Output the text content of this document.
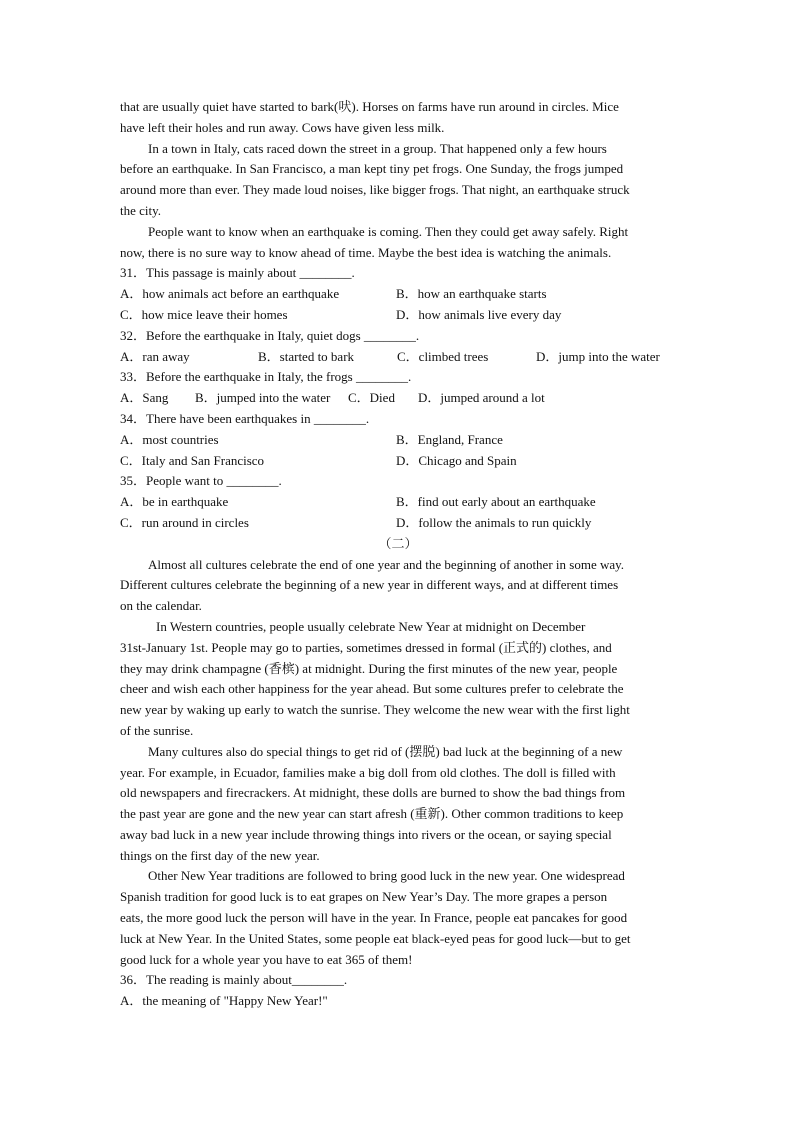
that are usually quiet have started to bark(吠). Horses on farms have run around in circles. Mice
have left their holes and run away. Cows have given less milk.
In a town in Italy, cats raced down the street in a group. That happened only a few hours
before an earthquake. In San Francisco, a man kept tiny pet frogs. One Sunday, the frogs jumped
around more than ever. They made loud noises, like bigger frogs. That night, an earthquake struck
the city.
People want to know when an earthquake is coming. Then they could get away safely. Right
now, there is no sure way to know ahead of time. Maybe the best idea is watching the animals.
31．This passage is mainly about ________.
A．how animals act before an earthquake	B．how an earthquake starts
C．how mice leave their homes	D．how animals live every day
32．Before the earthquake in Italy, quiet dogs ________.
A．ran away	B．started to bark	C．climbed trees	D．jump into the water
33．Before the earthquake in Italy, the frogs ________.
A．Sang	B．jumped into the water	C．Died	D．jumped around a lot
34．There have been earthquakes in ________.
A．most countries	B．England, France
C．Italy and San Francisco	D．Chicago and Spain
35．People want to ________.
A．be in earthquake	B．find out early about an earthquake
C．run around in circles	D．follow the animals to run quickly
（二）
Almost all cultures celebrate the end of one year and the beginning of another in some way.
Different cultures celebrate the beginning of a new year in different ways, and at different times
on the calendar.
In Western countries, people usually celebrate New Year at midnight on December
31st-January 1st. People may go to parties, sometimes dressed in formal (正式的) clothes, and
they may drink champagne (香槟) at midnight. During the first minutes of the new year, people
cheer and wish each other happiness for the year ahead. But some cultures prefer to celebrate the
new year by waking up early to watch the sunrise. They welcome the new wear with the first light
of the sunrise.
Many cultures also do special things to get rid of (摆脱) bad luck at the beginning of a new
year. For example, in Ecuador, families make a big doll from old clothes. The doll is filled with
old newspapers and firecrackers. At midnight, these dolls are burned to show the bad things from
the past year are gone and the new year can start afresh (重新). Other common traditions to keep
away bad luck in a new year include throwing things into rivers or the ocean, or saying special
things on the first day of the new year.
Other New Year traditions are followed to bring good luck in the new year. One widespread
Spanish tradition for good luck is to eat grapes on New Year’s Day. The more grapes a person
eats, the more good luck the person will have in the year. In France, people eat pancakes for good
luck at New Year. In the United States, some people eat black-eyed peas for good luck—but to get
good luck for a whole year you have to eat 365 of them!
36．The reading is mainly about________.
A．the meaning of "Happy New Year!"
